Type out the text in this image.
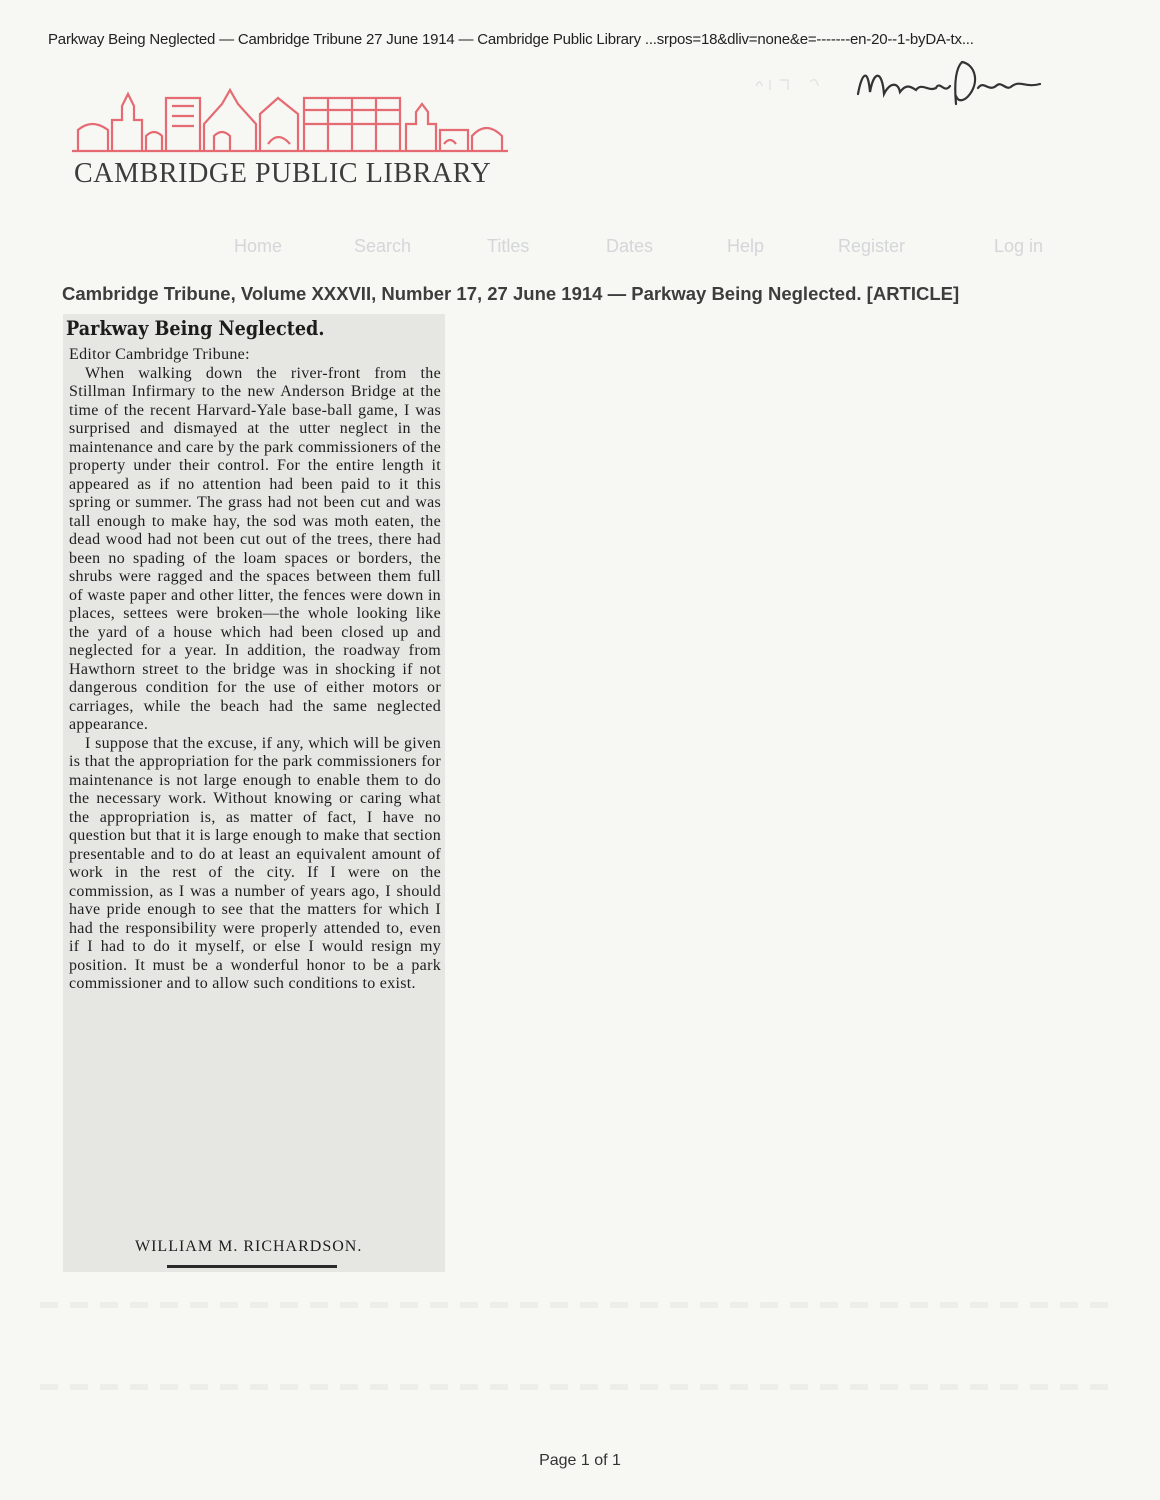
Parkway Being Neglected — Cambridge Tribune 27 June 1914 — Cambridge Public Library ...srpos=18&dliv=none&e=-------en-20--1-byDA-tx...
CAMBRIDGE PUBLIC LIBRARY
Home	Search	Titles	Dates	Help	Register	Log in
Cambridge Tribune, Volume XXXVII, Number 17, 27 June 1914 — Parkway Being Neglected. [ARTICLE]
Parkway Being Neglected.

Editor Cambridge Tribune:

When walking down the river-front from the Stillman Infirmary to the new Anderson Bridge at the time of the recent Harvard-Yale base-ball game, I was surprised and dismayed at the utter neglect in the maintenance and care by the park commissioners of the property under their control. For the entire length it appeared as if no attention had been paid to it this spring or summer. The grass had not been cut and was tall enough to make hay, the sod was moth eaten, the dead wood had not been cut out of the trees, there had been no spading of the loam spaces or borders, the shrubs were ragged and the spaces between them full of waste paper and other litter, the fences were down in places, settees were broken—the whole looking like the yard of a house which had been closed up and neglected for a year. In addition, the roadway from Hawthorn street to the bridge was in shocking if not dangerous condition for the use of either motors or carriages, while the beach had the same neglected appearance.

I suppose that the excuse, if any, which will be given is that the appropriation for the park commissioners for maintenance is not large enough to enable them to do the necessary work. Without knowing or caring what the appropriation is, as matter of fact, I have no question but that it is large enough to make that section presentable and to do at least an equivalent amount of work in the rest of the city. If I were on the commission, as I was a number of years ago, I should have pride enough to see that the matters for which I had the responsibility were properly attended to, even if I had to do it myself, or else I would resign my position. It must be a wonderful honor to be a park commissioner and to allow such conditions to exist.

WILLIAM M. RICHARDSON.
Page 1 of 1
